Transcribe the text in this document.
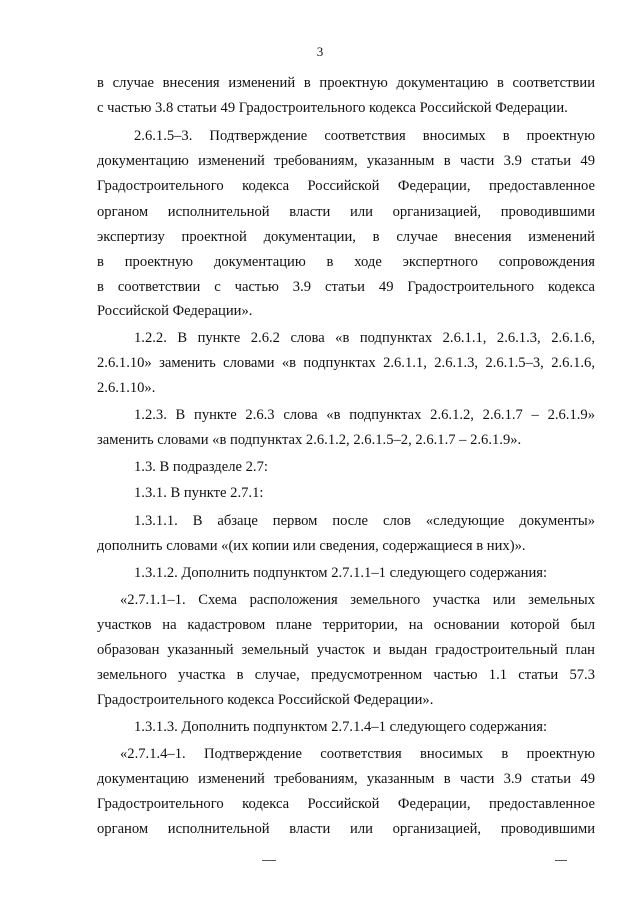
3
в случае внесения изменений в проектную документацию в соответствии
с частью 3.8 статьи 49 Градостроительного кодекса Российской Федерации.
2.6.1.5–3. Подтверждение соответствия вносимых в проектную
документацию изменений требованиям, указанным в части 3.9 статьи 49
Градостроительного кодекса Российской Федерации, предоставленное
органом исполнительной власти или организацией, проводившими
экспертизу проектной документации, в случае внесения изменений
в проектную документацию в ходе экспертного сопровождения
в соответствии с частью 3.9 статьи 49 Градостроительного кодекса
Российской Федерации».
1.2.2. В пункте 2.6.2 слова «в подпунктах 2.6.1.1, 2.6.1.3, 2.6.1.6,
2.6.1.10» заменить словами «в подпунктах 2.6.1.1, 2.6.1.3, 2.6.1.5–3, 2.6.1.6,
2.6.1.10».
1.2.3. В пункте 2.6.3 слова «в подпунктах 2.6.1.2, 2.6.1.7 – 2.6.1.9»
заменить словами «в подпунктах 2.6.1.2, 2.6.1.5–2, 2.6.1.7 – 2.6.1.9».
1.3. В подразделе 2.7:
1.3.1. В пункте 2.7.1:
1.3.1.1. В абзаце первом после слов «следующие документы»
дополнить словами «(их копии или сведения, содержащиеся в них)».
1.3.1.2. Дополнить подпунктом 2.7.1.1–1 следующего содержания:
«2.7.1.1–1. Схема расположения земельного участка или земельных
участков на кадастровом плане территории, на основании которой был
образован указанный земельный участок и выдан градостроительный план
земельного участка в случае, предусмотренном частью 1.1 статьи 57.3
Градостроительного кодекса Российской Федерации».
1.3.1.3. Дополнить подпунктом 2.7.1.4–1 следующего содержания:
«2.7.1.4–1. Подтверждение соответствия вносимых в проектную
документацию изменений требованиям, указанным в части 3.9 статьи 49
Градостроительного кодекса Российской Федерации, предоставленное
органом исполнительной власти или организацией, проводившими
